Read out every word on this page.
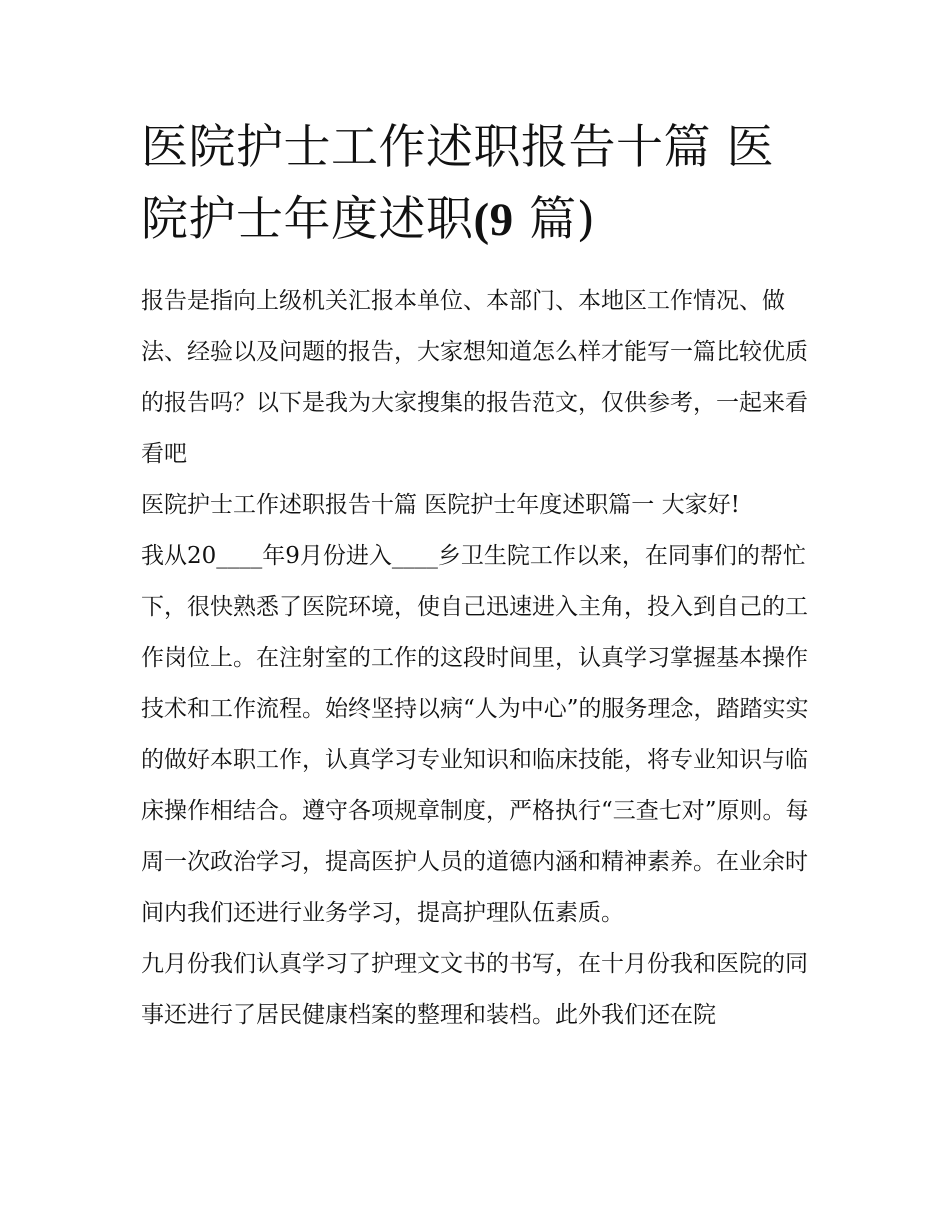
医院护士工作述职报告十篇 医院护士年度述职(9 篇)

报告是指向上级机关汇报本单位、本部门、本地区工作情况、做法、经验以及问题的报告，大家想知道怎么样才能写一篇比较优质的报告吗？以下是我为大家搜集的报告范文，仅供参考，一起来看看吧

医院护士工作述职报告十篇 医院护士年度述职篇一 大家好!

我从20____年9月份进入____乡卫生院工作以来，在同事们的帮忙下，很快熟悉了医院环境，使自己迅速进入主角，投入到自己的工作岗位上。在注射室的工作的这段时间里，认真学习掌握基本操作技术和工作流程。始终坚持以病“人为中心”的服务理念，踏踏实实的做好本职工作，认真学习专业知识和临床技能，将专业知识与临床操作相结合。遵守各项规章制度，严格执行“三查七对”原则。每周一次政治学习，提高医护人员的道德内涵和精神素养。在业余时间内我们还进行业务学习，提高护理队伍素质。

九月份我们认真学习了护理文文书的书写，在十月份我和医院的同事还进行了居民健康档案的整理和装档。此外我们还在院
